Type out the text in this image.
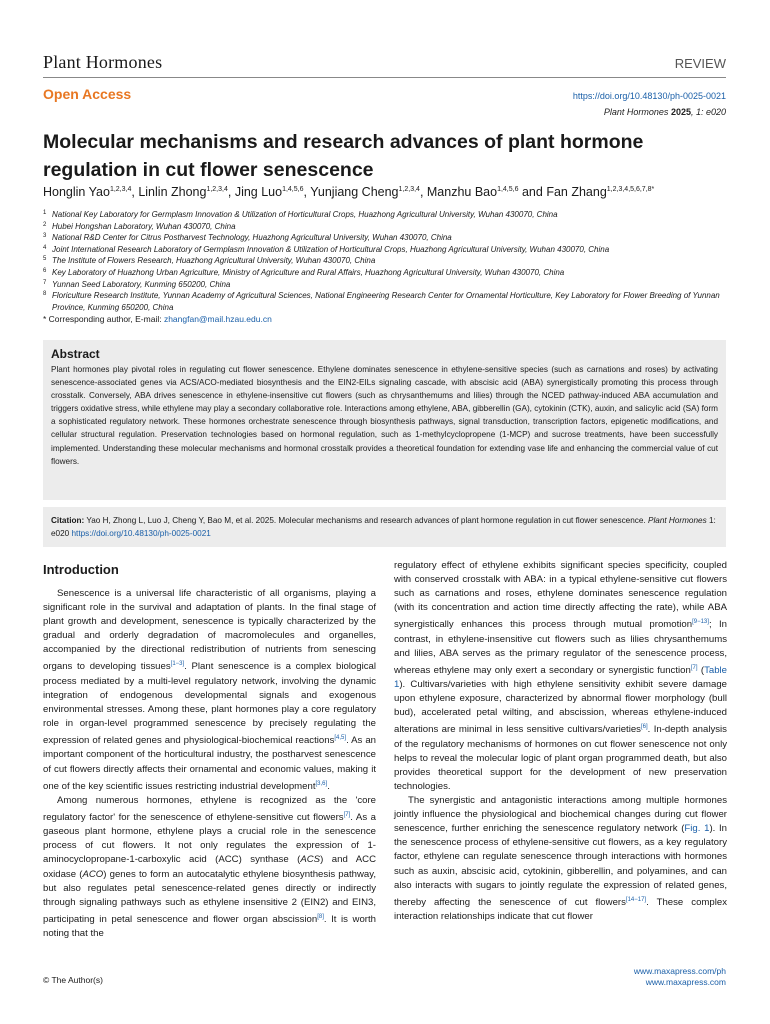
Plant Hormones	REVIEW
Open Access	https://doi.org/10.48130/ph-0025-0021
Plant Hormones 2025, 1: e020
Molecular mechanisms and research advances of plant hormone regulation in cut flower senescence
Honglin Yao$^{1,2,3,4}$, Linlin Zhong$^{1,2,3,4}$, Jing Luo$^{1,4,5,6}$, Yunjiang Cheng$^{1,2,3,4}$, Manzhu Bao$^{1,4,5,6}$ and Fan Zhang$^{1,2,3,4,5,6,7,8*}$
1 National Key Laboratory for Germplasm Innovation & Utilization of Horticultural Crops, Huazhong Agricultural University, Wuhan 430070, China
2 Hubei Hongshan Laboratory, Wuhan 430070, China
3 National R&D Center for Citrus Postharvest Technology, Huazhong Agricultural University, Wuhan 430070, China
4 Joint International Research Laboratory of Germplasm Innovation & Utilization of Horticultural Crops, Huazhong Agricultural University, Wuhan 430070, China
5 The Institute of Flowers Research, Huazhong Agricultural University, Wuhan 430070, China
6 Key Laboratory of Huazhong Urban Agriculture, Ministry of Agriculture and Rural Affairs, Huazhong Agricultural University, Wuhan 430070, China
7 Yunnan Seed Laboratory, Kunming 650200, China
8 Floriculture Research Institute, Yunnan Academy of Agricultural Sciences, National Engineering Research Center for Ornamental Horticulture, Key Laboratory for Flower Breeding of Yunnan Province, Kunming 650200, China
* Corresponding author, E-mail: zhangfan@mail.hzau.edu.cn
Abstract
Plant hormones play pivotal roles in regulating cut flower senescence. Ethylene dominates senescence in ethylene-sensitive species (such as carnations and roses) by activating senescence-associated genes via ACS/ACO-mediated biosynthesis and the EIN2-EILs signaling cascade, with abscisic acid (ABA) synergistically promoting this process through crosstalk. Conversely, ABA drives senescence in ethylene-insensitive cut flowers (such as chrysanthemums and lilies) through the NCED pathway-induced ABA accumulation and triggers oxidative stress, while ethylene may play a secondary collaborative role. Interactions among ethylene, ABA, gibberellin (GA), cytokinin (CTK), auxin, and salicylic acid (SA) form a sophisticated regulatory network. These hormones orchestrate senescence through biosynthesis pathways, signal transduction, transcription factors, epigenetic modifications, and cellular structural regulation. Preservation technologies based on hormonal regulation, such as 1-methylcyclopropene (1-MCP) and sucrose treatments, have been successfully implemented. Understanding these molecular mechanisms and hormonal crosstalk provides a theoretical foundation for extending vase life and enhancing the commercial value of cut flowers.
Citation: Yao H, Zhong L, Luo J, Cheng Y, Bao M, et al. 2025. Molecular mechanisms and research advances of plant hormone regulation in cut flower senescence. Plant Hormones 1: e020 https://doi.org/10.48130/ph-0025-0021
Introduction

Senescence is a universal life characteristic of all organisms, playing a significant role in the survival and adaptation of plants. In the final stage of plant growth and development, senescence is typically characterized by the gradual and orderly degradation of macromolecules and organelles, accompanied by the directional redistribution of nutrients from senescing organs to developing tissues[1−3]. Plant senescence is a complex biological process mediated by a multi-level regulatory network, involving the dynamic integration of endogenous developmental signals and exogenous environmental stresses. Among these, plant hormones play a core regulatory role in organ-level programmed senescence by precisely regulating the expression of related genes and physiological-biochemical reactions[4,5]. As an important component of the horticultural industry, the postharvest senescence of cut flowers directly affects their ornamental and economic values, making it one of the key scientific issues restricting industrial development[3,6].

Among numerous hormones, ethylene is recognized as the 'core regulatory factor' for the senescence of ethylene-sensitive cut flowers[7]. As a gaseous plant hormone, ethylene plays a crucial role in the senescence process of cut flowers. It not only regulates the expression of 1-aminocyclopropane-1-carboxylic acid (ACC) synthase (ACS) and ACC oxidase (ACO) genes to form an autocatalytic ethylene biosynthesis pathway, but also regulates petal senescence-related genes directly or indirectly through signaling pathways such as ethylene insensitive 2 (EIN2) and EIN3, participating in petal senescence and flower organ abscission[8]. It is worth noting that the

regulatory effect of ethylene exhibits significant species specificity, coupled with conserved crosstalk with ABA: in a typical ethylene-sensitive cut flowers such as carnations and roses, ethylene dominates senescence regulation (with its concentration and action time directly affecting the rate), while ABA synergistically enhances this process through mutual promotion[9−13]; In contrast, in ethylene-insensitive cut flowers such as lilies chrysanthemums and lilies, ABA serves as the primary regulator of the senescence process, whereas ethylene may only exert a secondary or synergistic function[7] (Table 1). Cultivars/varieties with high ethylene sensitivity exhibit severe damage upon ethylene exposure, characterized by abnormal flower morphology (bull bud), accelerated petal wilting, and abscission, whereas ethylene-induced alterations are minimal in less sensitive cultivars/varieties[6]. In-depth analysis of the regulatory mechanisms of hormones on cut flower senescence not only helps to reveal the molecular logic of plant organ programmed death, but also provides theoretical support for the development of new preservation technologies.

The synergistic and antagonistic interactions among multiple hormones jointly influence the physiological and biochemical changes during cut flower senescence, further enriching the senescence regulatory network (Fig. 1). In the senescence process of ethylene-sensitive cut flowers, as a key regulatory factor, ethylene can regulate senescence through interactions with hormones such as auxin, abscisic acid, cytokinin, gibberellin, and polyamines, and can also interacts with sugars to jointly regulate the expression of related genes, thereby affecting the senescence of cut flowers[14−17]. These complex interaction relationships indicate that cut flower

© The Author(s)
www.maxapress.com/ph
www.maxapress.com
